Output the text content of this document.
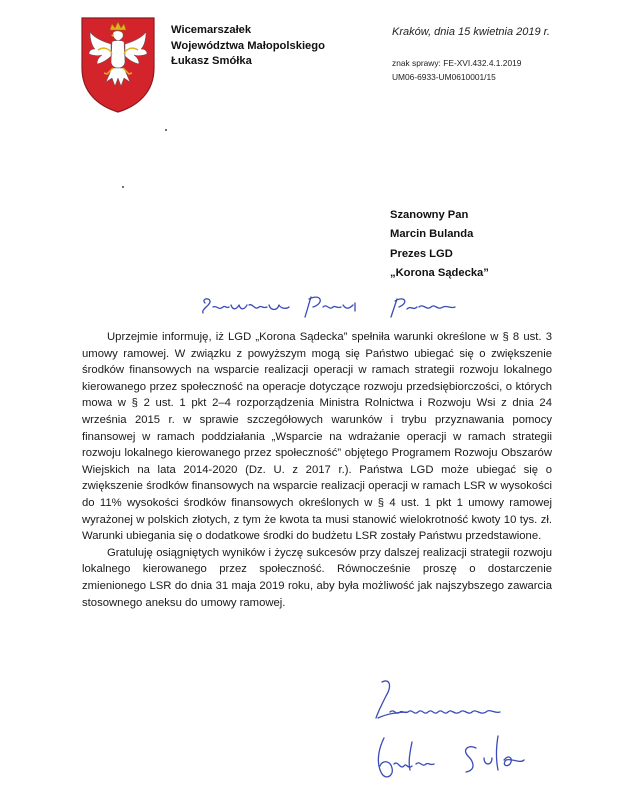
Wicemarszałek
Województwa Małopolskiego
Łukasz Smółka
Kraków, dnia 15 kwietnia 2019 r.
znak sprawy: FE-XVI.432.4.1.2019
UM06-6933-UM0610001/15
Szanowny Pan
Marcin Bulanda
Prezes LGD
„Korona Sądecka”

Uprzejmie informuję, iż LGD „Korona Sądecka” spełniła warunki określone w § 8 ust. 3 umowy ramowej. W związku z powyższym mogą się Państwo ubiegać się o zwiększenie środków finansowych na wsparcie realizacji operacji w ramach strategii rozwoju lokalnego kierowanego przez społeczność na operacje dotyczące rozwoju przedsiębiorczości, o których mowa w § 2 ust. 1 pkt 2–4 rozporządzenia Ministra Rolnictwa i Rozwoju Wsi z dnia 24 września 2015 r. w sprawie szczegółowych warunków i trybu przyznawania pomocy finansowej w ramach poddziałania „Wsparcie na wdrażanie operacji w ramach strategii rozwoju lokalnego kierowanego przez społeczność” objętego Programem Rozwoju Obszarów Wiejskich na lata 2014-2020 (Dz. U. z 2017 r.). Państwa LGD może ubiegać się o zwiększenie środków finansowych na wsparcie realizacji operacji w ramach LSR w wysokości do 11% wysokości środków finansowych określonych w § 4 ust. 1 pkt 1 umowy ramowej wyrażonej w polskich złotych, z tym że kwota ta musi stanowić wielokrotność kwoty 10 tys. zł. Warunki ubiegania się o dodatkowe środki do budżetu LSR zostały Państwu przedstawione.

Gratuluję osiągniętych wyników i życzę sukcesów przy dalszej realizacji strategii rozwoju lokalnego kierowanego przez społeczność. Równocześnie proszę o dostarczenie zmienionego LSR do dnia 31 maja 2019 roku, aby była możliwość jak najszybszego zawarcia stosownego aneksu do umowy ramowej.
